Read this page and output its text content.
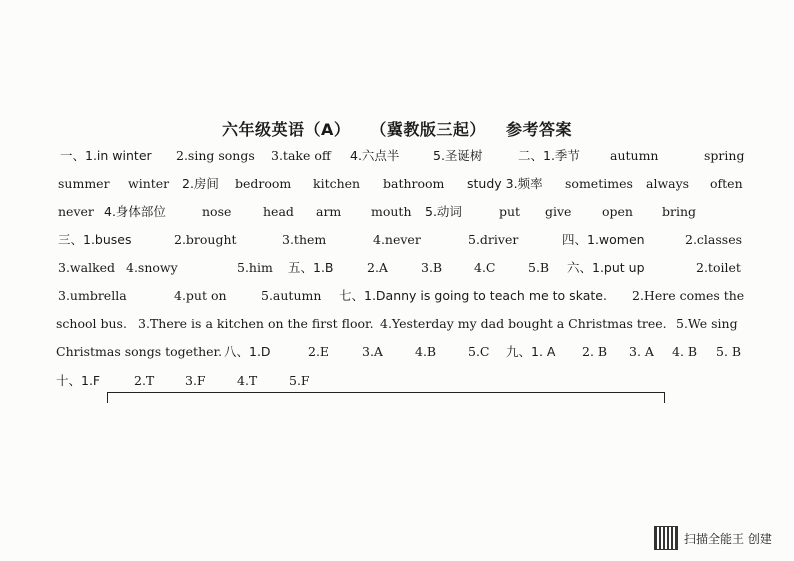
六年级英语（A） （冀教版三起） 参考答案
一、1.in winter 2.sing songs 3.take off 4.六点半	5.圣诞树	二、1.季节 autumn	spring
summer winter 2.房间 bedroom kitchen bathroom study 3.频率 sometimes always often
never 4.身体部位	nose	head arm mouth 5.动词	put give open bring
三、1.buses	2.brought	3.them	4.never	5.driver	四、1.women	2.classes
3.walked 4.snowy	5.him 五、1.B	2.A	3.B	4.C	5.B 六、1.put up	2.toilet
3.umbrella	4.put on	5.autumn 七、1.Danny is going to teach me to skate. 2.Here comes the
school bus. 3.There is a kitchen on the first floor. 4.Yesterday my dad bought a Christmas tree. 5.We sing
Christmas songs together. 八、1.D	2.E	3.A	4.B	5.C 九、1. A 2. B 3. A 4. B 5. B
十、1.F	2.T 3.F	4.T	5.F
扫描全能王 创建
